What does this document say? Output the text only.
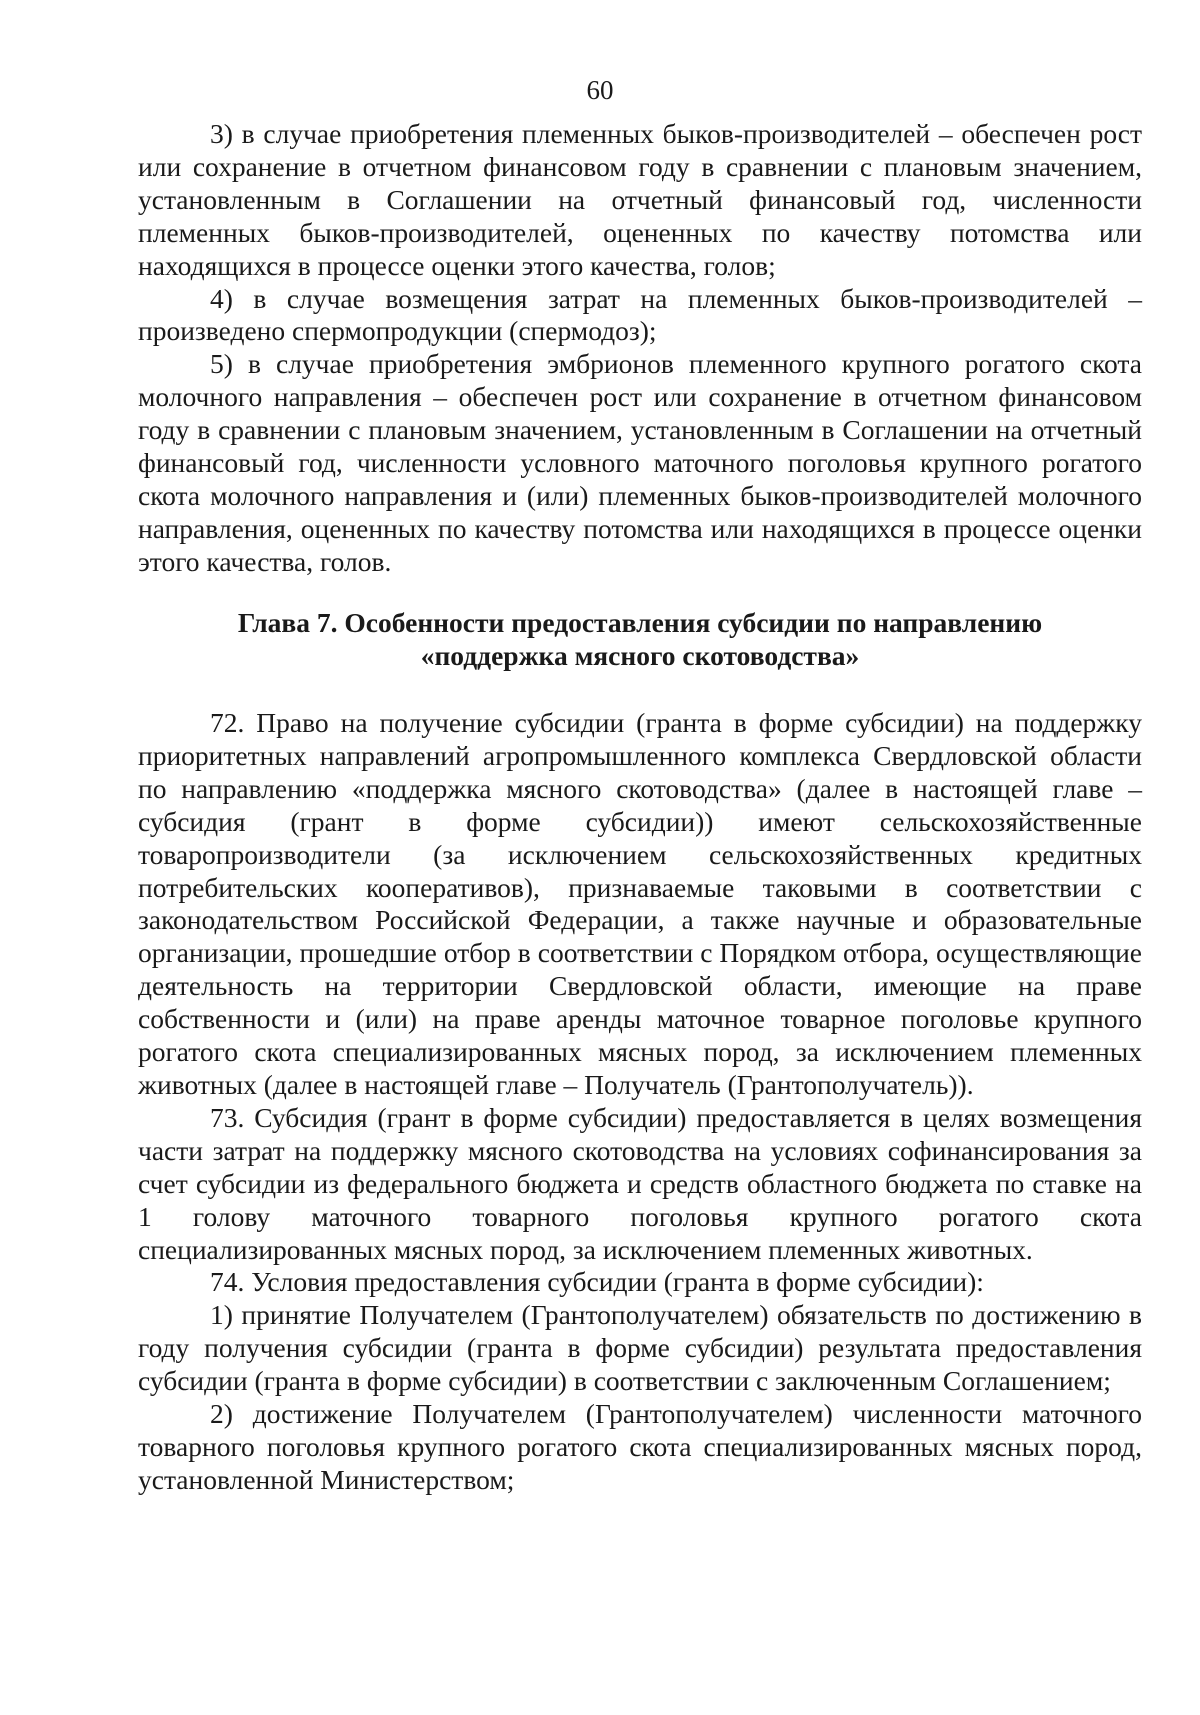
60

3) в случае приобретения племенных быков-производителей – обеспечен рост или сохранение в отчетном финансовом году в сравнении с плановым значением, установленным в Соглашении на отчетный финансовый год, численности племенных быков-производителей, оцененных по качеству потомства или находящихся в процессе оценки этого качества, голов;

4) в случае возмещения затрат на племенных быков-производителей – произведено спермопродукции (спермодоз);

5) в случае приобретения эмбрионов племенного крупного рогатого скота молочного направления – обеспечен рост или сохранение в отчетном финансовом году в сравнении с плановым значением, установленным в Соглашении на отчетный финансовый год, численности условного маточного поголовья крупного рогатого скота молочного направления и (или) племенных быков-производителей молочного направления, оцененных по качеству потомства или находящихся в процессе оценки этого качества, голов.

Глава 7. Особенности предоставления субсидии по направлению
«поддержка мясного скотоводства»

72. Право на получение субсидии (гранта в форме субсидии) на поддержку приоритетных направлений агропромышленного комплекса Свердловской области по направлению «поддержка мясного скотоводства» (далее в настоящей главе – субсидия (грант в форме субсидии)) имеют сельскохозяйственные товаропроизводители (за исключением сельскохозяйственных кредитных потребительских кооперативов), признаваемые таковыми в соответствии с законодательством Российской Федерации, а также научные и образовательные организации, прошедшие отбор в соответствии с Порядком отбора, осуществляющие деятельность на территории Свердловской области, имеющие на праве собственности и (или) на праве аренды маточное товарное поголовье крупного рогатого скота специализированных мясных пород, за исключением племенных животных (далее в настоящей главе – Получатель (Грантополучатель)).

73. Субсидия (грант в форме субсидии) предоставляется в целях возмещения части затрат на поддержку мясного скотоводства на условиях софинансирования за счет субсидии из федерального бюджета и средств областного бюджета по ставке на 1 голову маточного товарного поголовья крупного рогатого скота специализированных мясных пород, за исключением племенных животных.

74. Условия предоставления субсидии (гранта в форме субсидии):

1) принятие Получателем (Грантополучателем) обязательств по достижению в году получения субсидии (гранта в форме субсидии) результата предоставления субсидии (гранта в форме субсидии) в соответствии с заключенным Соглашением;

2) достижение Получателем (Грантополучателем) численности маточного товарного поголовья крупного рогатого скота специализированных мясных пород, установленной Министерством;
